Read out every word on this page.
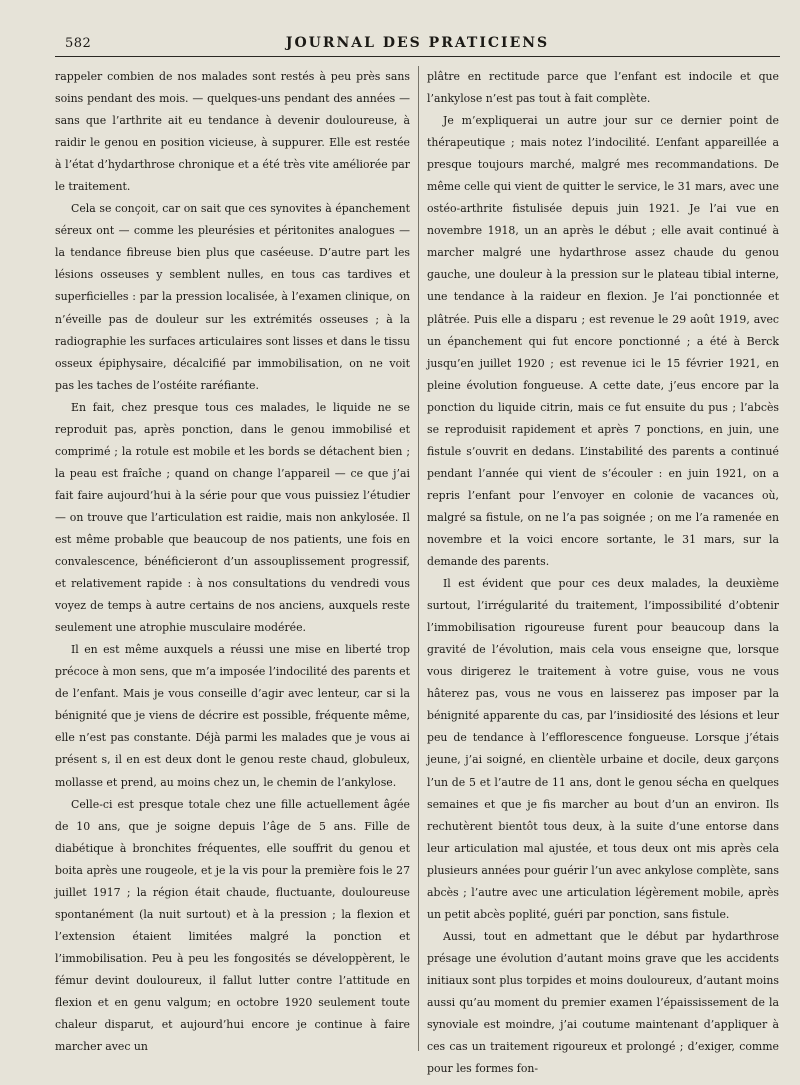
582	JOURNAL DES PRATICIENS

rappeler combien de nos malades sont restés à peu près sans soins pendant des mois. — quelques-uns pendant des années — sans que l’arthrite ait eu tendance à devenir douloureuse, à raidir le genou en position vicieuse, à suppurer. Elle est restée à l’état d’hydarthrose chronique et a été très vite améliorée par le traitement.

Cela se conçoit, car on sait que ces synovites à épanchement séreux ont — comme les pleurésies et péritonites analogues — la tendance fibreuse bien plus que caséeuse. D’autre part les lésions osseuses y semblent nulles, en tous cas tardives et superficielles : par la pression localisée, à l’examen clinique, on n’éveille pas de douleur sur les extrémités osseuses ; à la radiographie les surfaces articulaires sont lisses et dans le tissu osseux épiphysaire, décalcifié par immobilisation, on ne voit pas les taches de l’ostéite raréfiante.

En fait, chez presque tous ces malades, le liquide ne se reproduit pas, après ponction, dans le genou immobilisé et comprimé ; la rotule est mobile et les bords se détachent bien ; la peau est fraîche ; quand on change l’appareil — ce que j’ai fait faire aujourd’hui à la série pour que vous puissiez l’étudier — on trouve que l’articulation est raidie, mais non ankylosée. Il est même probable que beaucoup de nos patients, une fois en convalescence, bénéficieront d’un assouplissement progressif, et relativement rapide : à nos consultations du vendredi vous voyez de temps à autre certains de nos anciens, auxquels reste seulement une atrophie musculaire modérée.

Il en est même auxquels a réussi une mise en liberté trop précoce à mon sens, que m’a imposée l’indocilité des parents et de l’enfant. Mais je vous conseille d’agir avec lenteur, car si la bénignité que je viens de décrire est possible, fréquente même, elle n’est pas constante. Déjà parmi les malades que je vous ai présent s, il en est deux dont le genou reste chaud, globuleux, mollasse et prend, au moins chez un, le chemin de l’ankylose.

Celle-ci est presque totale chez une fille actuellement âgée de 10 ans, que je soigne depuis l’âge de 5 ans. Fille de diabétique à bronchites fréquentes, elle souffrit du genou et boita après une rougeole, et je la vis pour la première fois le 27 juillet 1917 ; la région était chaude, fluctuante, douloureuse spontanément (la nuit surtout) et à la pression ; la flexion et l’extension étaient limitées malgré la ponction et l’immobilisation. Peu à peu les fongosités se développèrent, le fémur devint douloureux, il fallut lutter contre l’attitude en flexion et en genu valgum; en octobre 1920 seulement toute chaleur disparut, et aujourd’hui encore je continue à faire marcher avec un

plâtre en rectitude parce que l’enfant est indocile et que l’ankylose n’est pas tout à fait complète.

Je m’expliquerai un autre jour sur ce dernier point de thérapeutique ; mais notez l’indocilité. L’enfant appareillée a presque toujours marché, malgré mes recommandations. De même celle qui vient de quitter le service, le 31 mars, avec une ostéo-arthrite fistulisée depuis juin 1921. Je l’ai vue en novembre 1918, un an après le début ; elle avait continué à marcher malgré une hydarthrose assez chaude du genou gauche, une douleur à la pression sur le plateau tibial interne, une tendance à la raideur en flexion. Je l’ai ponctionnée et plâtrée. Puis elle a disparu ; est revenue le 29 août 1919, avec un épanchement qui fut encore ponctionné ; a été à Berck jusqu’en juillet 1920 ; est revenue ici le 15 février 1921, en pleine évolution fongueuse. A cette date, j’eus encore par la ponction du liquide citrin, mais ce fut ensuite du pus ; l’abcès se reproduisit rapidement et après 7 ponctions, en juin, une fistule s’ouvrit en dedans. L’instabilité des parents a continué pendant l’année qui vient de s’écouler : en juin 1921, on a repris l’enfant pour l’envoyer en colonie de vacances où, malgré sa fistule, on ne l’a pas soignée ; on me l’a ramenée en novembre et la voici encore sortante, le 31 mars, sur la demande des parents.

Il est évident que pour ces deux malades, la deuxième surtout, l’irrégularité du traitement, l’impossibilité d’obtenir l’immobilisation rigoureuse furent pour beaucoup dans la gravité de l’évolution, mais cela vous enseigne que, lorsque vous dirigerez le traitement à votre guise, vous ne vous hâterez pas, vous ne vous en laisserez pas imposer par la bénignité apparente du cas, par l’insidiosité des lésions et leur peu de tendance à l’efflorescence fongueuse. Lorsque j’étais jeune, j’ai soigné, en clientèle urbaine et docile, deux garçons l’un de 5 et l’autre de 11 ans, dont le genou sécha en quelques semaines et que je fis marcher au bout d’un an environ. Ils rechutèrent bientôt tous deux, à la suite d’une entorse dans leur articulation mal ajustée, et tous deux ont mis après cela plusieurs années pour guérir l’un avec ankylose complète, sans abcès ; l’autre avec une articulation légèrement mobile, après un petit abcès poplité, guéri par ponction, sans fistule.

Aussi, tout en admettant que le début par hydarthrose présage une évolution d’autant moins grave que les accidents initiaux sont plus torpides et moins douloureux, d’autant moins aussi qu’au moment du premier examen l’épaississement de la synoviale est moindre, j’ai coutume maintenant d’appliquer à ces cas un traitement rigoureux et prolongé ; d’exiger, comme pour les formes fon-
